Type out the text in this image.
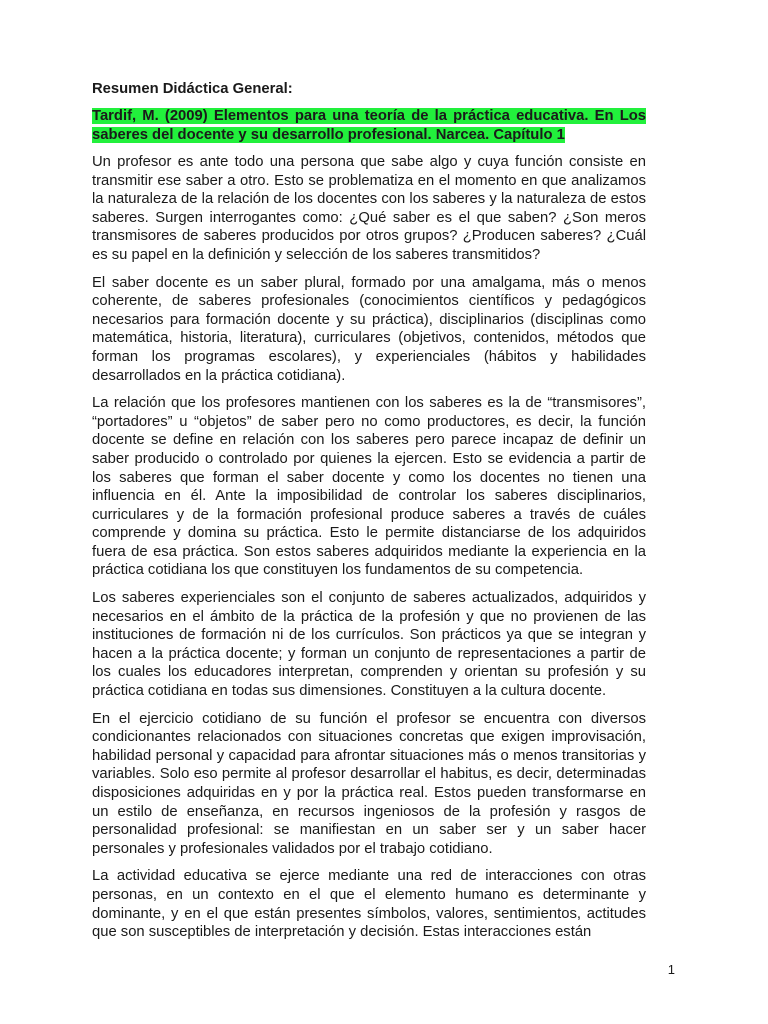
Resumen Didáctica General:
Tardif, M. (2009) Elementos para una teoría de la práctica educativa. En Los saberes del docente y su desarrollo profesional. Narcea. Capítulo 1

Un profesor es ante todo una persona que sabe algo y cuya función consiste en transmitir ese saber a otro. Esto se problematiza en el momento en que analizamos la naturaleza de la relación de los docentes con los saberes y la naturaleza de estos saberes. Surgen interrogantes como: ¿Qué saber es el que saben? ¿Son meros transmisores de saberes producidos por otros grupos? ¿Producen saberes? ¿Cuál es su papel en la definición y selección de los saberes transmitidos?

El saber docente es un saber plural, formado por una amalgama, más o menos coherente, de saberes profesionales (conocimientos científicos y pedagógicos necesarios para formación docente y su práctica), disciplinarios (disciplinas como matemática, historia, literatura), curriculares (objetivos, contenidos, métodos que forman los programas escolares), y experienciales (hábitos y habilidades desarrollados en la práctica cotidiana).

La relación que los profesores mantienen con los saberes es la de “transmisores”, “portadores” u “objetos” de saber pero no como productores, es decir, la función docente se define en relación con los saberes pero parece incapaz de definir un saber producido o controlado por quienes la ejercen. Esto se evidencia a partir de los saberes que forman el saber docente y como los docentes no tienen una influencia en él. Ante la imposibilidad de controlar los saberes disciplinarios, curriculares y de la formación profesional produce saberes a través de cuáles comprende y domina su práctica. Esto le permite distanciarse de los adquiridos fuera de esa práctica. Son estos saberes adquiridos mediante la experiencia en la práctica cotidiana los que constituyen los fundamentos de su competencia.

Los saberes experienciales son el conjunto de saberes actualizados, adquiridos y necesarios en el ámbito de la práctica de la profesión y que no provienen de las instituciones de formación ni de los currículos. Son prácticos ya que se integran y hacen a la práctica docente; y forman un conjunto de representaciones a partir de los cuales los educadores interpretan, comprenden y orientan su profesión y su práctica cotidiana en todas sus dimensiones. Constituyen a la cultura docente.

En el ejercicio cotidiano de su función el profesor se encuentra con diversos condicionantes relacionados con situaciones concretas que exigen improvisación, habilidad personal y capacidad para afrontar situaciones más o menos transitorias y variables. Solo eso permite al profesor desarrollar el habitus, es decir, determinadas disposiciones adquiridas en y por la práctica real. Estos pueden transformarse en un estilo de enseñanza, en recursos ingeniosos de la profesión y rasgos de personalidad profesional: se manifiestan en un saber ser y un saber hacer personales y profesionales validados por el trabajo cotidiano.

La actividad educativa se ejerce mediante una red de interacciones con otras personas, en un contexto en el que el elemento humano es determinante y dominante, y en el que están presentes símbolos, valores, sentimientos, actitudes que son susceptibles de interpretación y decisión. Estas interacciones están

1
